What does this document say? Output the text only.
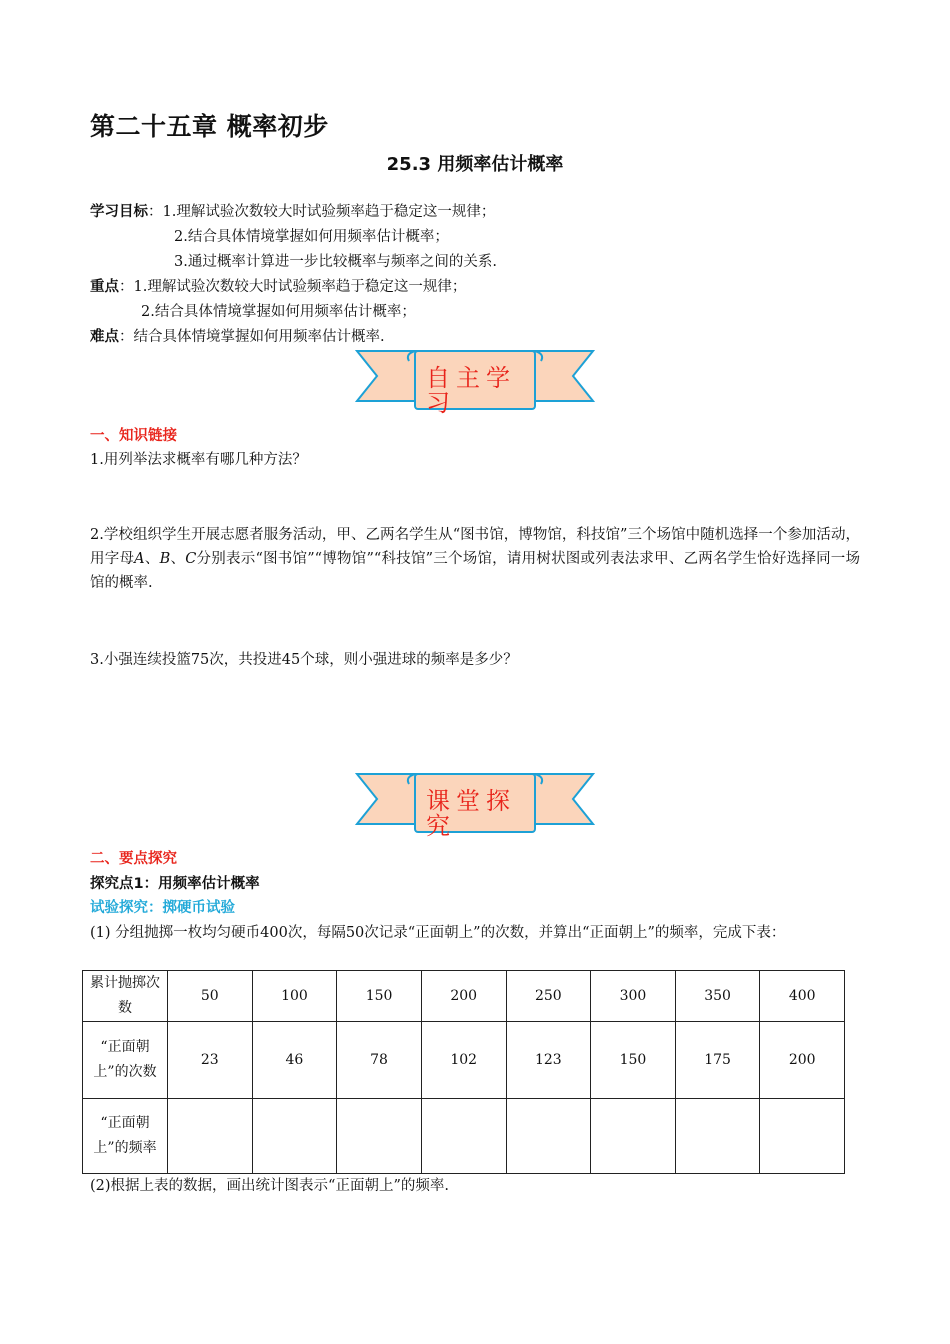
第二十五章 概率初步
25.3 用频率估计概率
学习目标：1.理解试验次数较大时试验频率趋于稳定这一规律；
2.结合具体情境掌握如何用频率估计概率；
3.通过概率计算进一步比较概率与频率之间的关系.
重点：1.理解试验次数较大时试验频率趋于稳定这一规律；
2.结合具体情境掌握如何用频率估计概率；
难点：结合具体情境掌握如何用频率估计概率.
自主学习
一、知识链接
1.用列举法求概率有哪几种方法？
2.学校组织学生开展志愿者服务活动，甲、乙两名学生从“图书馆，博物馆，科技馆”三个场馆中随机选择一个参加活动，用字母A、B、C分别表示“图书馆”“博物馆”“科技馆”三个场馆，请用树状图或列表法求甲、乙两名学生恰好选择同一场馆的概率.
3.小强连续投篮75次，共投进45个球，则小强进球的频率是多少？
课堂探究
二、要点探究
探究点1：用频率估计概率
试验探究：掷硬币试验
(1) 分组抛掷一枚均匀硬币400次，每隔50次记录“正面朝上”的次数，并算出“正面朝上”的频率，完成下表：
累计抛掷次数	50	100	150	200	250	300	350	400
“正面朝上”的次数	23	46	78	102	123	150	175	200
“正面朝上”的频率								
(2)根据上表的数据，画出统计图表示“正面朝上”的频率.
